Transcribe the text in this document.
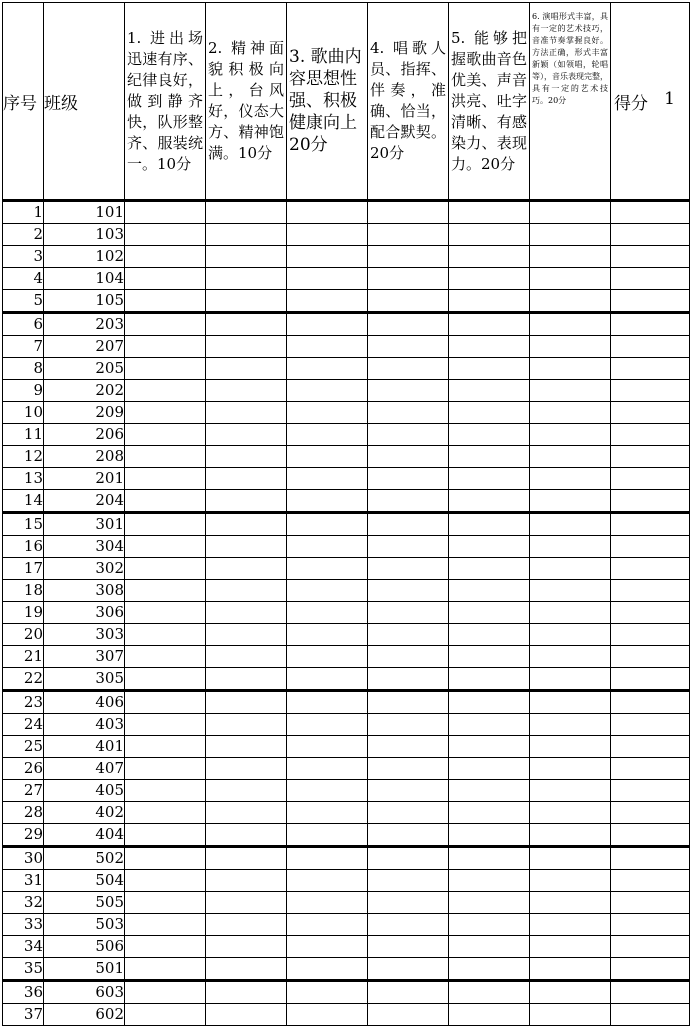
序号	班级	1. 进出场迅速有序、纪律良好，做到静齐快，队形整齐、服装统一。10分	2. 精神面貌积极向上，台风好，仪态大方、精神饱满。10分	3. 歌曲内容思想性强、积极健康向上20分	4. 唱歌人员、指挥、伴奏，准确、恰当，配合默契。20分	5. 能够把握歌曲音色优美、声音洪亮、吐字清晰、有感染力、表现力。20分	6. 演唱形式丰富，具有一定的艺术技巧，音准节奏掌握良好。方法正确，形式丰富新颖（如领唱，轮唱等），音乐表现完整，具有一定的艺术技巧。20分	得分 1

1	101							
2	103							
3	102							
4	104							
5	105							
6	203							
7	207							
8	205							
9	202							
10	209							
11	206							
12	208							
13	201							
14	204							
15	301							
16	304							
17	302							
18	308							
19	306							
20	303							
21	307							
22	305							
23	406							
24	403							
25	401							
26	407							
27	405							
28	402							
29	404							
30	502							
31	504							
32	505							
33	503							
34	506							
35	501							
36	603							
37	602							
